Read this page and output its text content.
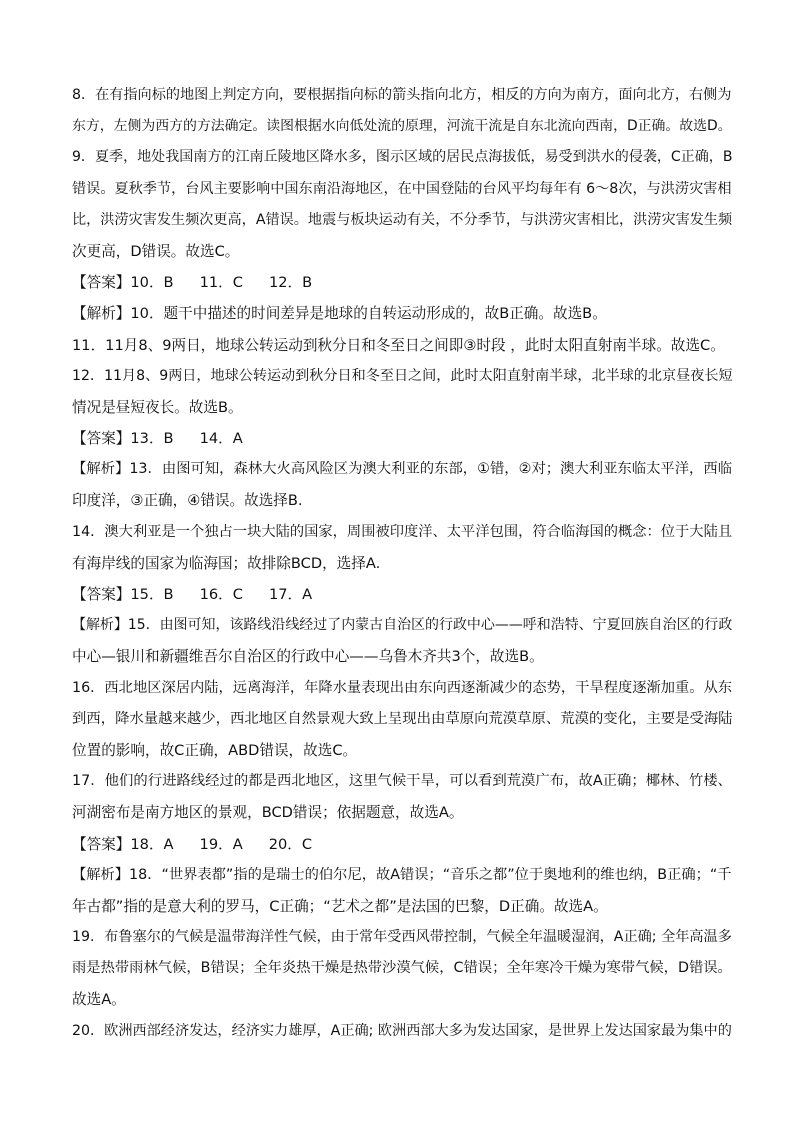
8．在有指向标的地图上判定方向，要根据指向标的箭头指向北方，相反的方向为南方，面向北方，右侧为
东方，左侧为西方的方法确定。读图根据水向低处流的原理，河流干流是自东北流向西南，D正确。故选D。
9．夏季，地处我国南方的江南丘陵地区降水多，图示区域的居民点海拔低，易受到洪水的侵袭，C正确，B
错误。夏秋季节，台风主要影响中国东南沿海地区，在中国登陆的台风平均每年有 6～8次，与洪涝灾害相
比，洪涝灾害发生频次更高，A错误。地震与板块运动有关，不分季节，与洪涝灾害相比，洪涝灾害发生频
次更高，D错误。故选C。
【答案】10．B 11．C 12．B
【解析】10．题干中描述的时间差异是地球的自转运动形成的，故B正确。故选B。
11．11月8、9两日，地球公转运动到秋分日和冬至日之间即③时段 ，此时太阳直射南半球。故选C。
12．11月8、9两日，地球公转运动到秋分日和冬至日之间，此时太阳直射南半球，北半球的北京昼夜长短
情况是昼短夜长。故选B。
【答案】13．B 14．A
【解析】13．由图可知，森林大火高风险区为澳大利亚的东部，①错，②对；澳大利亚东临太平洋，西临
印度洋，③正确，④错误。故选择B.
14．澳大利亚是一个独占一块大陆的国家，周围被印度洋、太平洋包围，符合临海国的概念：位于大陆且
有海岸线的国家为临海国；故排除BCD，选择A.
【答案】15．B 16．C 17．A
【解析】15．由图可知，该路线沿线经过了内蒙古自治区的行政中心——呼和浩特、宁夏回族自治区的行政
中心—银川和新疆维吾尔自治区的行政中心——乌鲁木齐共3个，故选B。
16．西北地区深居内陆，远离海洋，年降水量表现出由东向西逐渐减少的态势，干旱程度逐渐加重。从东
到西，降水量越来越少，西北地区自然景观大致上呈现出由草原向荒漠草原、荒漠的变化，主要是受海陆
位置的影响，故C正确，ABD错误，故选C。
17．他们的行进路线经过的都是西北地区，这里气候干旱，可以看到荒漠广布，故A正确；椰林、竹楼、
河湖密布是南方地区的景观，BCD错误；依据题意，故选A。
【答案】18．A 19．A 20．C
【解析】18．“世界表都”指的是瑞士的伯尔尼，故A错误；“音乐之都”位于奥地利的维也纳，B正确；“千
年古都”指的是意大利的罗马，C正确；“艺术之都”是法国的巴黎，D正确。故选A。
19．布鲁塞尔的气候是温带海洋性气候，由于常年受西风带控制，气候全年温暖湿润，A正确; 全年高温多
雨是热带雨林气候，B错误；全年炎热干燥是热带沙漠气候，C错误；全年寒冷干燥为寒带气候，D错误。
故选A。
20．欧洲西部经济发达，经济实力雄厚，A正确; 欧洲西部大多为发达国家，是世界上发达国家最为集中的
